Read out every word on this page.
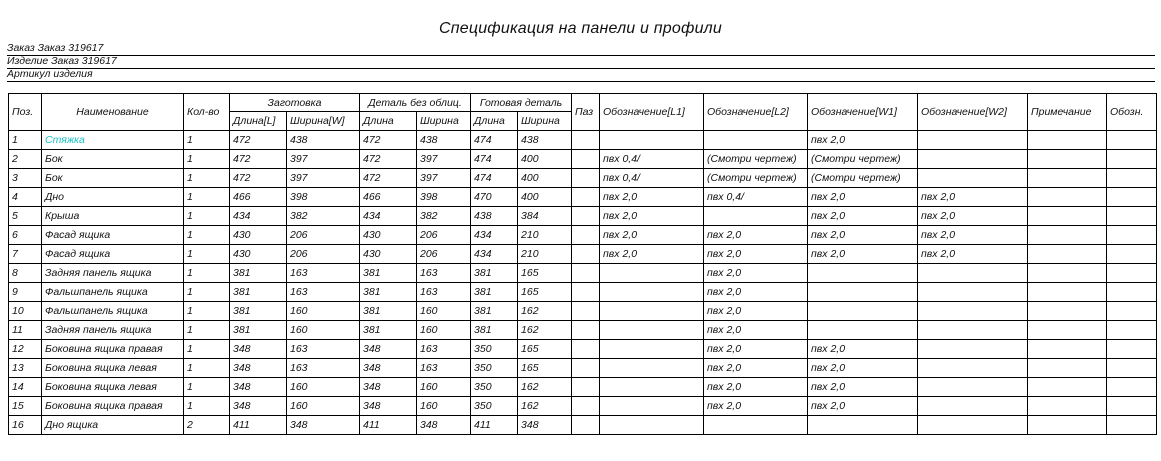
Спецификация на панели и профили
Заказ Заказ 319617
Изделие Заказ 319617
Артикул изделия
Поз.	Наименование	Кол-во	Заготовка		Деталь без облиц.		Готовая деталь		Паз	Обозначение[L1]	Обозначение[L2]	Обозначение[W1]	Обозначение[W2]	Примечание	Обозн.
			Длина[L]	Ширина[W]	Длина	Ширина	Длина	Ширина							
1	Стяжка	1	472	438	472	438	474	438				пвх 2,0			
2	Бок	1	472	397	472	397	474	400		пвх 0,4/	(Смотри чертеж)	(Смотри чертеж)			
3	Бок	1	472	397	472	397	474	400		пвх 0,4/	(Смотри чертеж)	(Смотри чертеж)			
4	Дно	1	466	398	466	398	470	400		пвх 2,0	пвх 0,4/	пвх 2,0	пвх 2,0		
5	Крыша	1	434	382	434	382	438	384		пвх 2,0		пвх 2,0	пвх 2,0		
6	Фасад ящика	1	430	206	430	206	434	210		пвх 2,0	пвх 2,0	пвх 2,0	пвх 2,0		
7	Фасад ящика	1	430	206	430	206	434	210		пвх 2,0	пвх 2,0	пвх 2,0	пвх 2,0		
8	Задняя панель ящика	1	381	163	381	163	381	165			пвх 2,0				
9	Фальшпанель ящика	1	381	163	381	163	381	165			пвх 2,0				
10	Фальшпанель ящика	1	381	160	381	160	381	162			пвх 2,0				
11	Задняя панель ящика	1	381	160	381	160	381	162			пвх 2,0				
12	Боковина ящика правая	1	348	163	348	163	350	165			пвх 2,0	пвх 2,0			
13	Боковина ящика левая	1	348	163	348	163	350	165			пвх 2,0	пвх 2,0			
14	Боковина ящика левая	1	348	160	348	160	350	162			пвх 2,0	пвх 2,0			
15	Боковина ящика правая	1	348	160	348	160	350	162			пвх 2,0	пвх 2,0			
16	Дно ящика	2	411	348	411	348	411	348							
